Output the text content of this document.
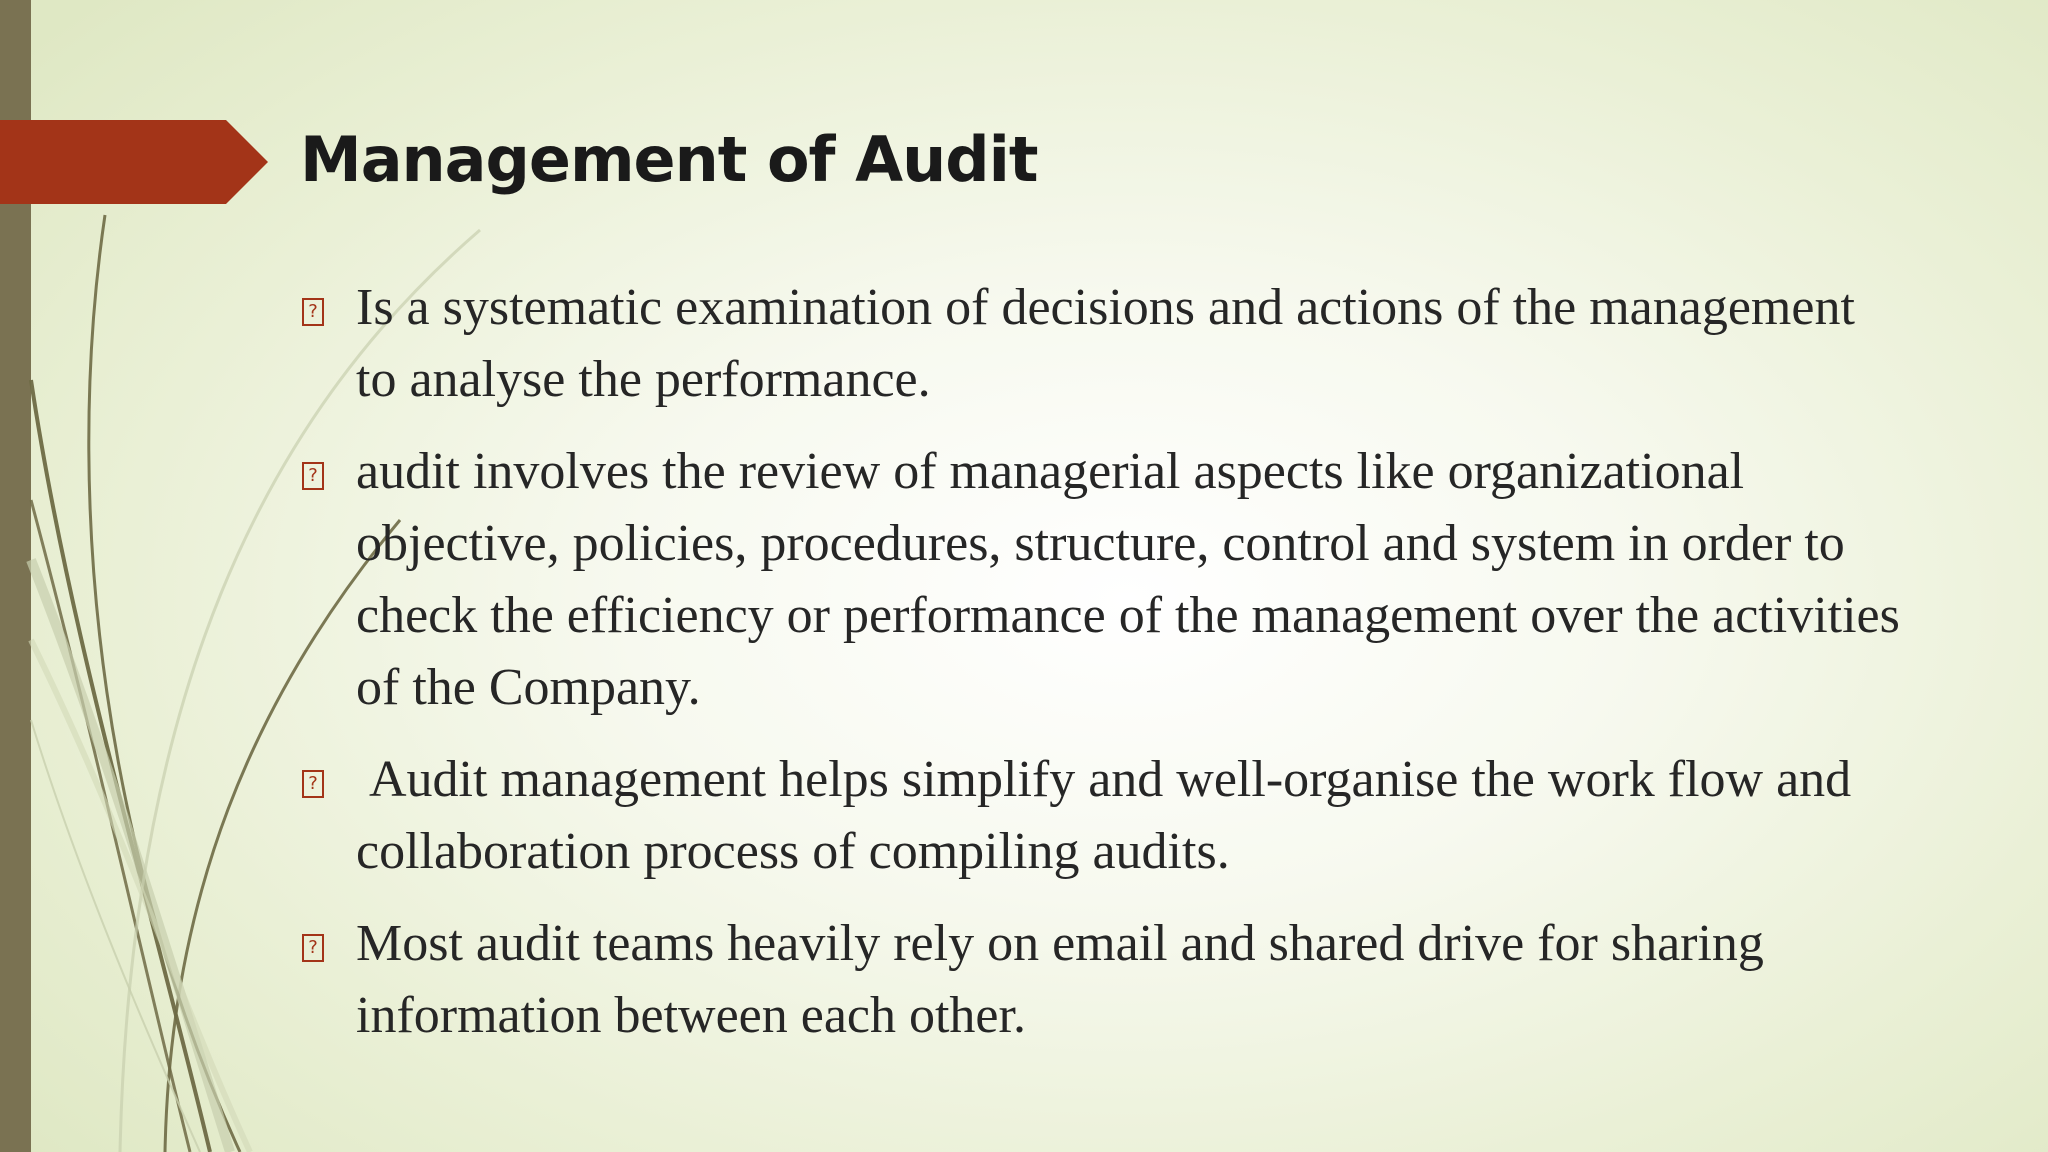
Management of Audit
? Is a systematic examination of decisions and actions of the management to analyse the performance.
? audit involves the review of managerial aspects like organizational objective, policies, procedures, structure, control and system in order to check the efficiency or performance of the management over the activities of the Company.
? Audit management helps simplify and well-organise the work flow and collaboration process of compiling audits.
? Most audit teams heavily rely on email and shared drive for sharing information between each other.
